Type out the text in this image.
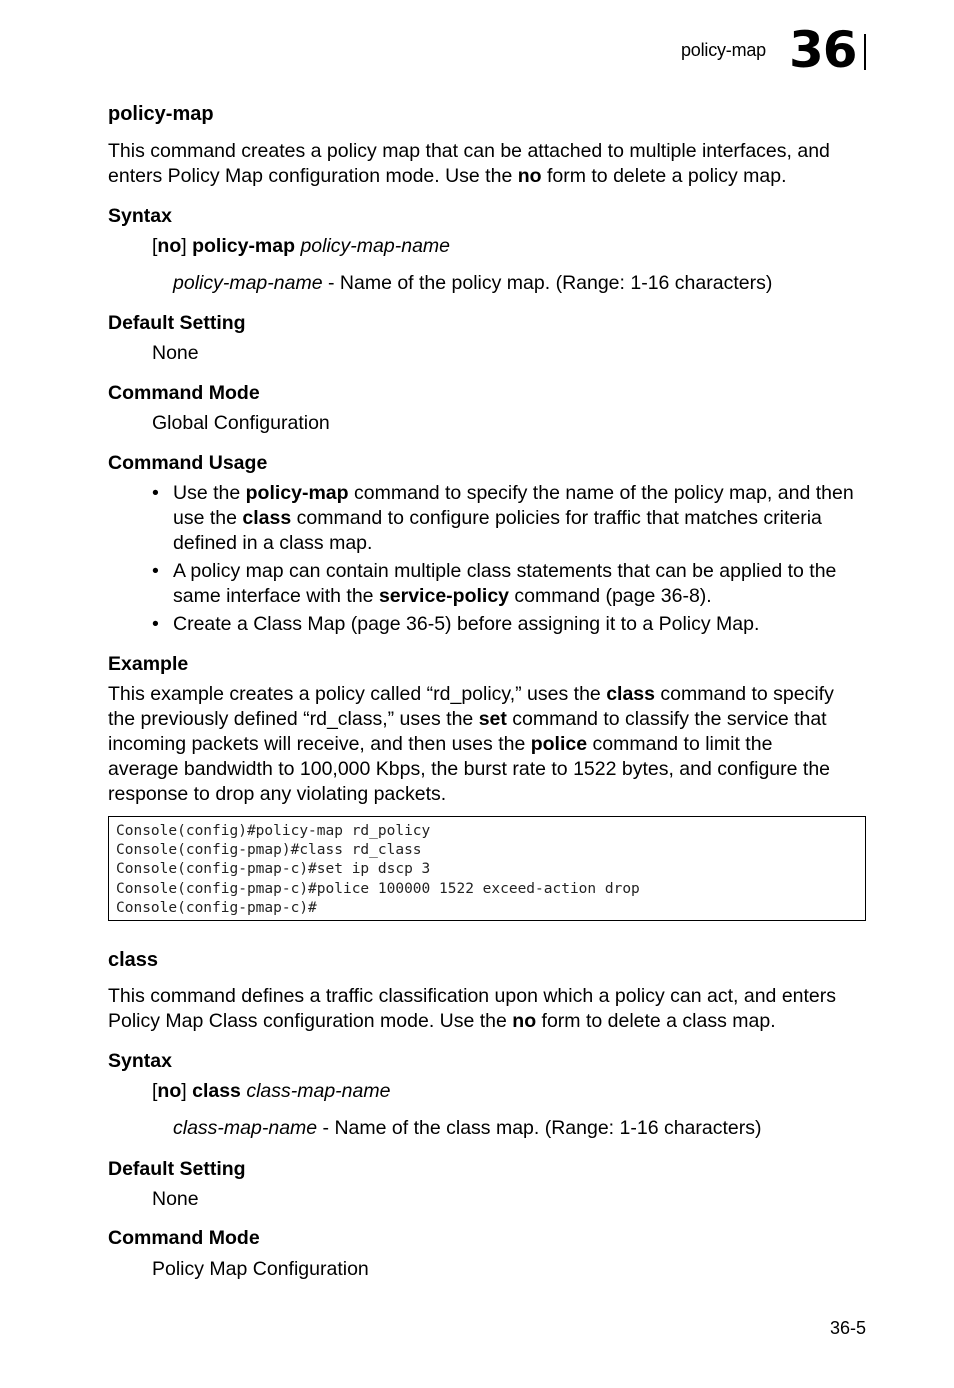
policy-map 36
policy-map
This command creates a policy map that can be attached to multiple interfaces, and
enters Policy Map configuration mode. Use the no form to delete a policy map.
Syntax
[no] policy-map policy-map-name
policy-map-name - Name of the policy map. (Range: 1-16 characters)
Default Setting
None
Command Mode
Global Configuration
Command Usage
• Use the policy-map command to specify the name of the policy map, and then use the class command to configure policies for traffic that matches criteria defined in a class map.
• A policy map can contain multiple class statements that can be applied to the same interface with the service-policy command (page 36-8).
• Create a Class Map (page 36-5) before assigning it to a Policy Map.
Example
This example creates a policy called “rd_policy,” uses the class command to specify
the previously defined “rd_class,” uses the set command to classify the service that
incoming packets will receive, and then uses the police command to limit the
average bandwidth to 100,000 Kbps, the burst rate to 1522 bytes, and configure the
response to drop any violating packets.
Console(config)#policy-map rd_policy
Console(config-pmap)#class rd_class
Console(config-pmap-c)#set ip dscp 3
Console(config-pmap-c)#police 100000 1522 exceed-action drop
Console(config-pmap-c)#
class
This command defines a traffic classification upon which a policy can act, and enters
Policy Map Class configuration mode. Use the no form to delete a class map.
Syntax
[no] class class-map-name
class-map-name - Name of the class map. (Range: 1-16 characters)
Default Setting
None
Command Mode
Policy Map Configuration
36-5
